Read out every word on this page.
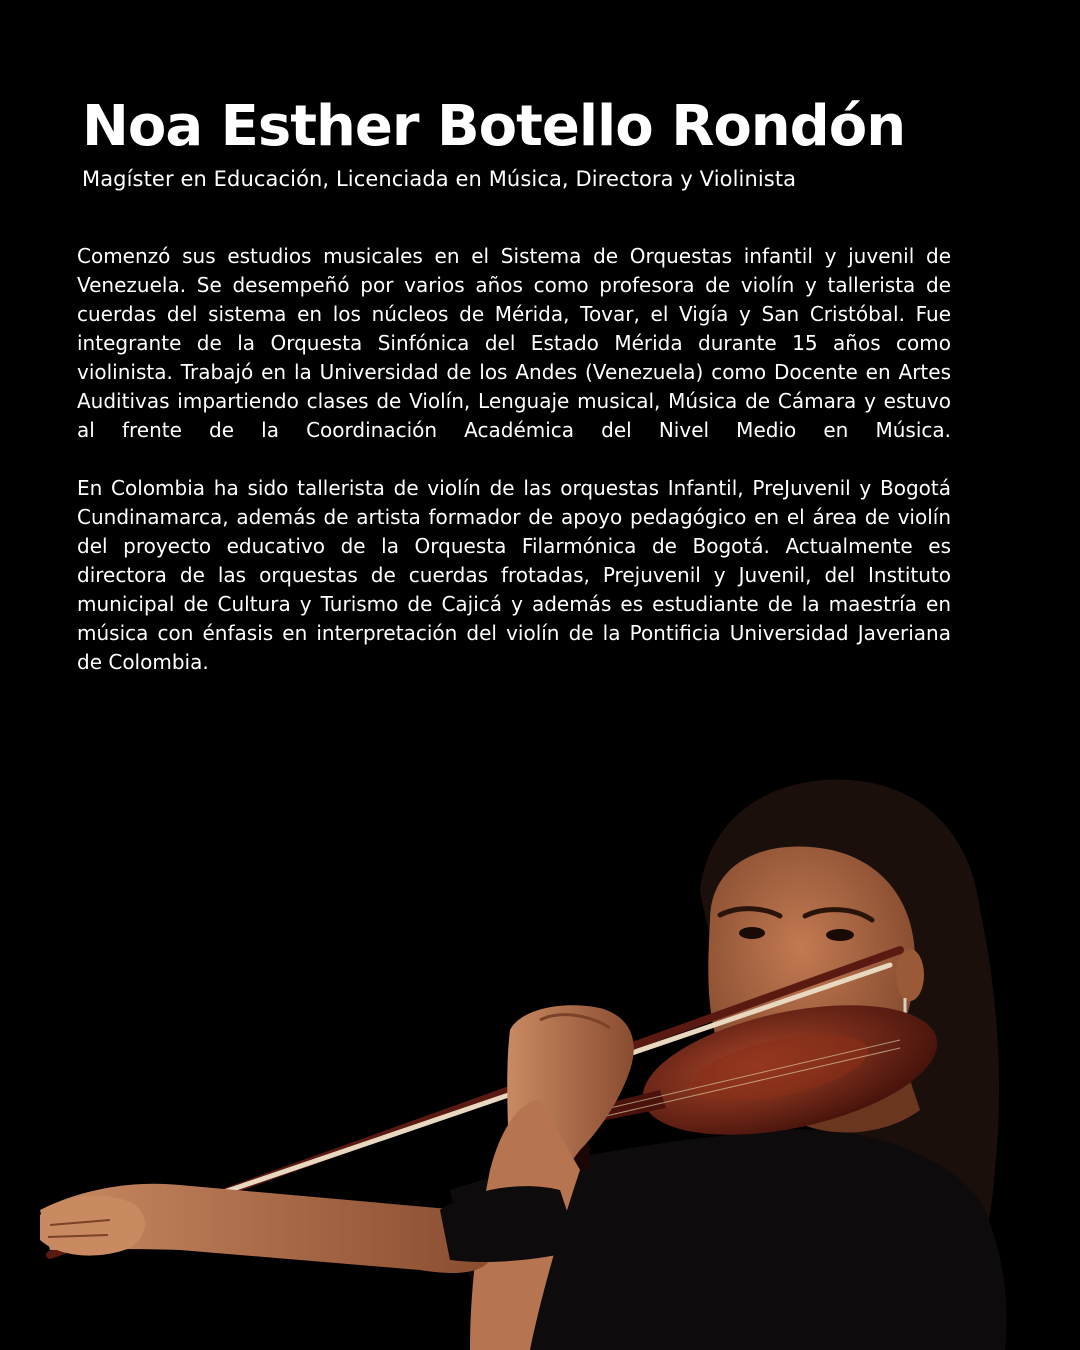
Noa Esther Botello Rondón

Magíster en Educación, Licenciada en Música, Directora y Violinista

Comenzó sus estudios musicales en el Sistema de Orquestas infantil y juvenil de Venezuela. Se desempeñó por varios años como profesora de violín y tallerista de cuerdas del sistema en los núcleos de Mérida, Tovar, el Vigía y San Cristóbal. Fue integrante de la Orquesta Sinfónica del Estado Mérida durante 15 años como violinista. Trabajó en la Universidad de los Andes (Venezuela) como Docente en Artes Auditivas impartiendo clases de Violín, Lenguaje musical, Música de Cámara y estuvo al frente de la Coordinación Académica del Nivel Medio en Música.

En Colombia ha sido tallerista de violín de las orquestas Infantil, PreJuvenil y Bogotá Cundinamarca, además de artista formador de apoyo pedagógico en el área de violín del proyecto educativo de la Orquesta Filarmónica de Bogotá. Actualmente es directora de las orquestas de cuerdas frotadas, Prejuvenil y Juvenil, del Instituto municipal de Cultura y Turismo de Cajicá y además es estudiante de la maestría en música con énfasis en interpretación del violín de la Pontificia Universidad Javeriana de Colombia.
